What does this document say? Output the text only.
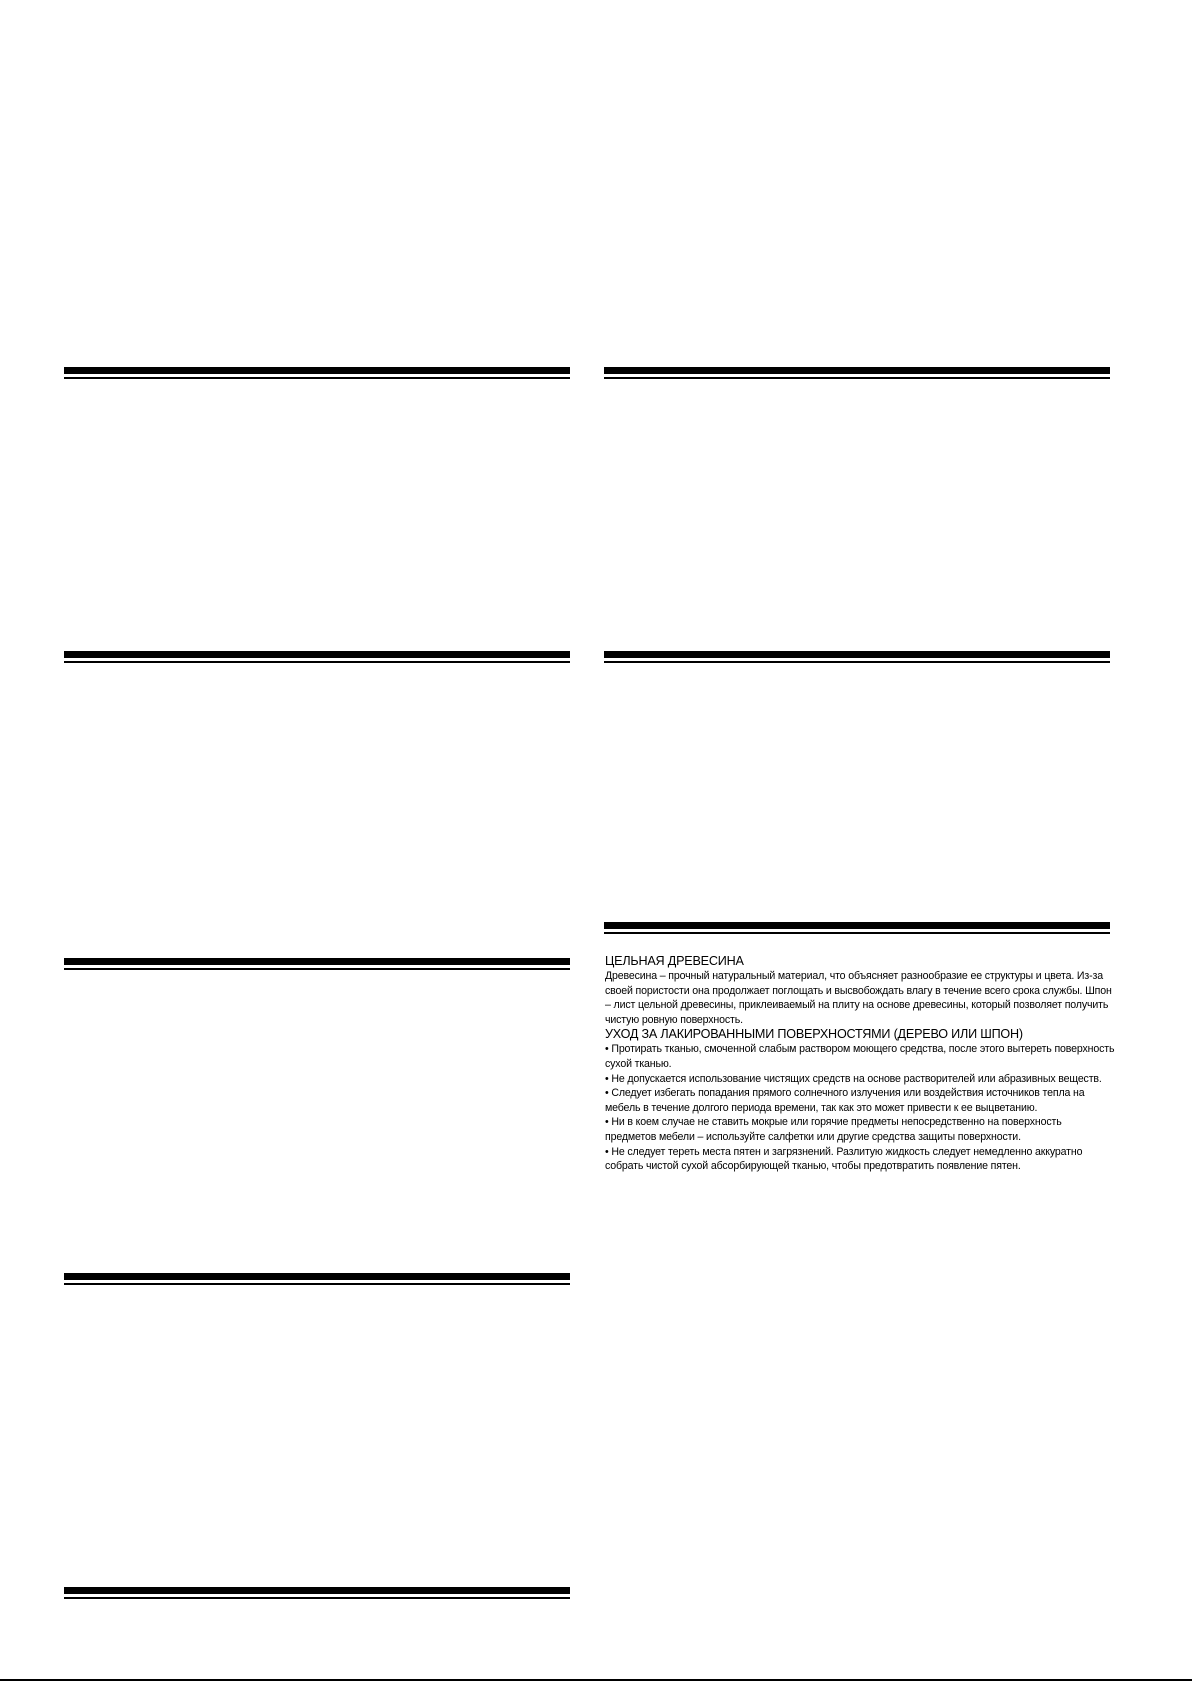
ЦЕЛЬНАЯ ДРЕВЕСИНА

Древесина – прочный натуральный материал, что объясняет разнообразие ее структуры и цвета. Из-за своей пористости она продолжает поглощать и высвобождать влагу в течение всего срока службы. Шпон – лист цельной древесины, приклеиваемый на плиту на основе древесины, который позволяет получить чистую ровную поверхность.

УХОД ЗА ЛАКИРОВАННЫМИ ПОВЕРХНОСТЯМИ (ДЕРЕВО ИЛИ ШПОН)

• Протирать тканью, смоченной слабым раствором моющего средства, после этого вытереть поверхность сухой тканью.

• Не допускается использование чистящих средств на основе растворителей или абразивных веществ.

• Следует избегать попадания прямого солнечного излучения или воздействия источников тепла на мебель в течение долгого периода времени, так как это может привести к ее выцветанию.

• Ни в коем случае не ставить мокрые или горячие предметы непосредственно на поверхность предметов мебели – используйте салфетки или другие средства защиты поверхности.

• Не следует тереть места пятен и загрязнений. Разлитую жидкость следует немедленно аккуратно собрать чистой сухой абсорбирующей тканью, чтобы предотвратить появление пятен.
